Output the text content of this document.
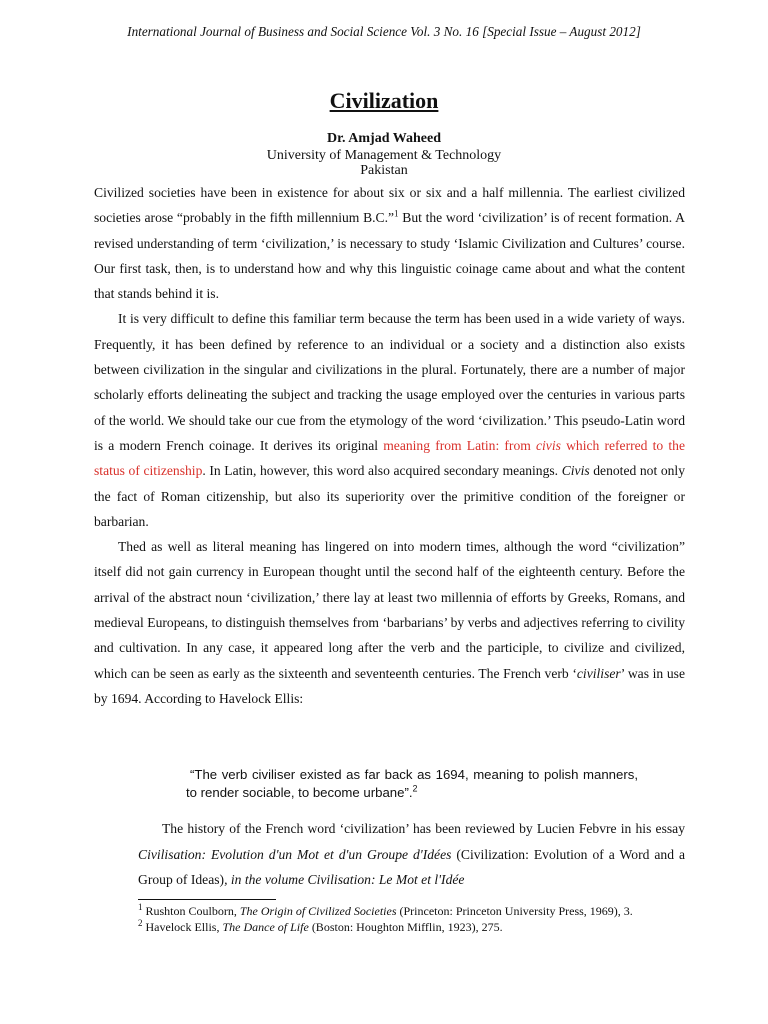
International Journal of Business and Social Science Vol. 3 No. 16 [Special Issue – August 2012]
Civilization
Dr. Amjad Waheed
University of Management & Technology
Pakistan

Civilized societies have been in existence for about six or six and a half millennia. The earliest civilized societies arose “probably in the fifth millennium B.C.”$^1$ But the word ‘civilization’ is of recent formation. A revised understanding of term ‘civilization,’ is necessary to study ‘Islamic Civilization and Cultures’ course. Our first task, then, is to understand how and why this linguistic coinage came about and what the content that stands behind it is.

It is very difficult to define this familiar term because the term has been used in a wide variety of ways. Frequently, it has been defined by reference to an individual or a society and a distinction also exists between civilization in the singular and civilizations in the plural. Fortunately, there are a number of major scholarly efforts delineating the subject and tracking the usage employed over the centuries in various parts of the world. We should take our cue from the etymology of the word ‘civilization.’ This pseudo-Latin word is a modern French coinage. It derives its original meaning from Latin: from civis which referred to the status of citizenship. In Latin, however, this word also acquired secondary meanings. Civis denoted not only the fact of Roman citizenship, but also its superiority over the primitive condition of the foreigner or barbarian.

Thed as well as literal meaning has lingered on into modern times, although the word “civilization” itself did not gain currency in European thought until the second half of the eighteenth century. Before the arrival of the abstract noun ‘civilization,’ there lay at least two millennia of efforts by Greeks, Romans, and medieval Europeans, to distinguish themselves from ‘barbarians’ by verbs and adjectives referring to civility and cultivation. In any case, it appeared long after the verb and the participle, to civilize and civilized, which can be seen as early as the sixteenth and seventeenth centuries. The French verb ‘civiliser’ was in use by 1694. According to Havelock Ellis:

“The verb civiliser existed as far back as 1694, meaning to polish manners, to render sociable, to become urbane”.$^2$

The history of the French word ‘civilization’ has been reviewed by Lucien Febvre in his essay Civilisation: Evolution d'un Mot et d'un Groupe d'Idées (Civilization: Evolution of a Word and a Group of Ideas), in the volume Civilisation: Le Mot et l'Idée

$^1$ Rushton Coulborn, The Origin of Civilized Societies (Princeton: Princeton University Press, 1969), 3.
$^2$ Havelock Ellis, The Dance of Life (Boston: Houghton Mifflin, 1923), 275.
